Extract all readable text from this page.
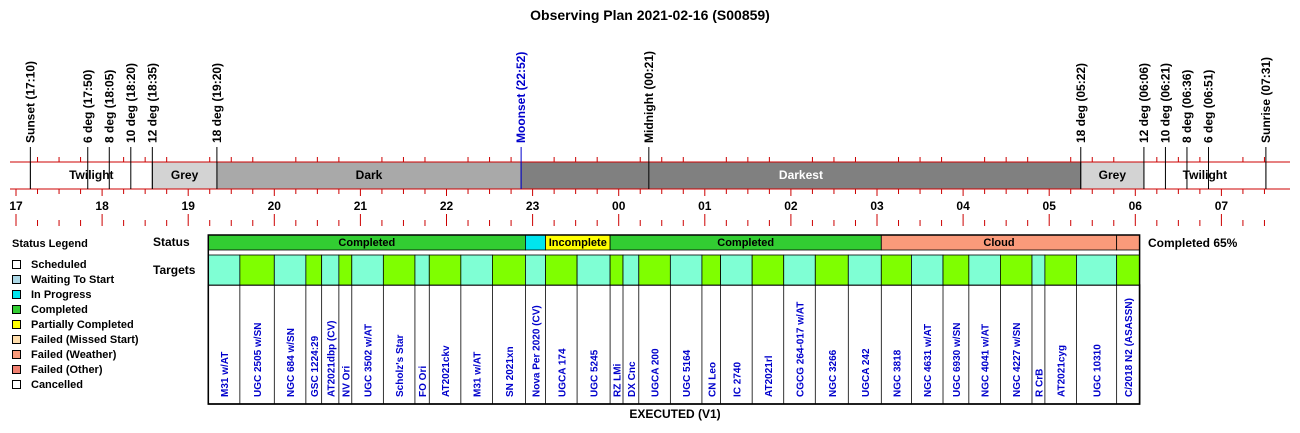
Observing Plan 2021-02-16 (S00859)
Twilight	Grey	Dark	Darkest	Grey	Twilight
17	18	19	20	21	22	23	00	01	02	03	04	05	06	07
Sunset (17:10)	6 deg (17:50) 8 deg (18:05) 10 deg (18:20) 12 deg (18:35)	18 deg (19:20)	Moonset (22:52)	Midnight (00:21)	18 deg (05:22)	12 deg (06:06) 10 deg (06:21) 8 deg (06:36) 6 deg (06:51)	Sunrise (07:31)
Status
Targets
Completed	Incomplete	Completed	Cloud
M31 w/AT UGC 2505 w/SN NGC 684 w/SN GSC 1224:29 AT2021dbp (CV) NV Ori UGC 3502 w/AT Scholz's Star FO Ori AT2021ckv M31 w/AT SN 2021xn Nova Per 2020 (CV) UGCA 174 UGC 5245 RZ LMi DX Cnc UGCA 200 UGC 5164 CN Leo IC 2740 AT2021rl CGCG 264-017 w/AT NGC 3266 UGCA 242 NGC 3818 NGC 4631 w/AT UGC 6930 w/SN NGC 4041 w/AT NGC 4227 w/SN R CrB AT2021cyg UGC 10310 C/2018 N2 (ASASSN)
Completed 65%
EXECUTED (V1)
Status Legend
Scheduled
Waiting To Start
In Progress
Completed
Partially Completed
Failed (Missed Start)
Failed (Weather)
Failed (Other)
Cancelled
